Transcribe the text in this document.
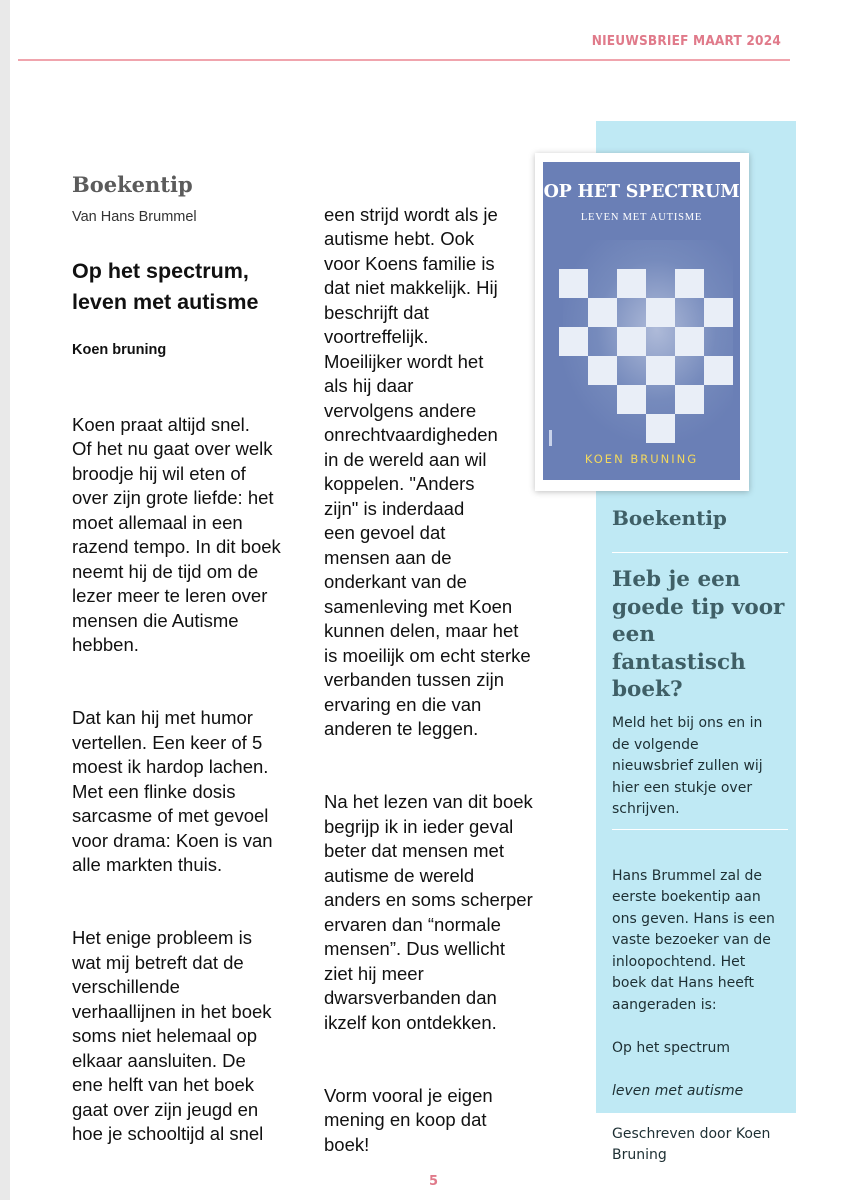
NIEUWSBRIEF MAART 2024
Boekentip
Van Hans Brummel
Op het spectrum, leven met autisme
Koen bruning

Koen praat altijd snel.
Of het nu gaat over welk
broodje hij wil eten of
over zijn grote liefde: het
moet allemaal in een
razend tempo. In dit boek
neemt hij de tijd om de
lezer meer te leren over
mensen die Autisme
hebben.

Dat kan hij met humor
vertellen. Een keer of 5
moest ik hardop lachen.
Met een flinke dosis
sarcasme of met gevoel
voor drama: Koen is van
alle markten thuis.

Het enige probleem is
wat mij betreft dat de
verschillende
verhaallijnen in het boek
soms niet helemaal op
elkaar aansluiten. De
ene helft van het boek
gaat over zijn jeugd en
hoe je schooltijd al snel

een strijd wordt als je
autisme hebt. Ook
voor Koens familie is
dat niet makkelijk. Hij
beschrijft dat
voortreffelijk.
Moeilijker wordt het
als hij daar
vervolgens andere
onrechtvaardigheden
in de wereld aan wil
koppelen. "Anders
zijn" is inderdaad
een gevoel dat
mensen aan de
onderkant van de
samenleving met Koen
kunnen delen, maar het
is moeilijk om echt sterke
verbanden tussen zijn
ervaring en die van
anderen te leggen.

Na het lezen van dit boek
begrijp ik in ieder geval
beter dat mensen met
autisme de wereld
anders en soms scherper
ervaren dan “normale
mensen”. Dus wellicht
ziet hij meer
dwarsverbanden dan
ikzelf kon ontdekken.

Vorm vooral je eigen
mening en koop dat
boek!

OP HET SPECTRUM
LEVEN MET AUTISME
KOEN BRUNING
Boekentip
Heb je een
goede tip voor
een
fantastisch
boek?
Meld het bij ons en in
de volgende
nieuwsbrief zullen wij
hier een stukje over
schrijven.

Hans Brummel zal de
eerste boekentip aan
ons geven. Hans is een
vaste bezoeker van de
inloopochtend. Het
boek dat Hans heeft
aangeraden is:

Op het spectrum

leven met autisme

Geschreven door Koen
Bruning

5
